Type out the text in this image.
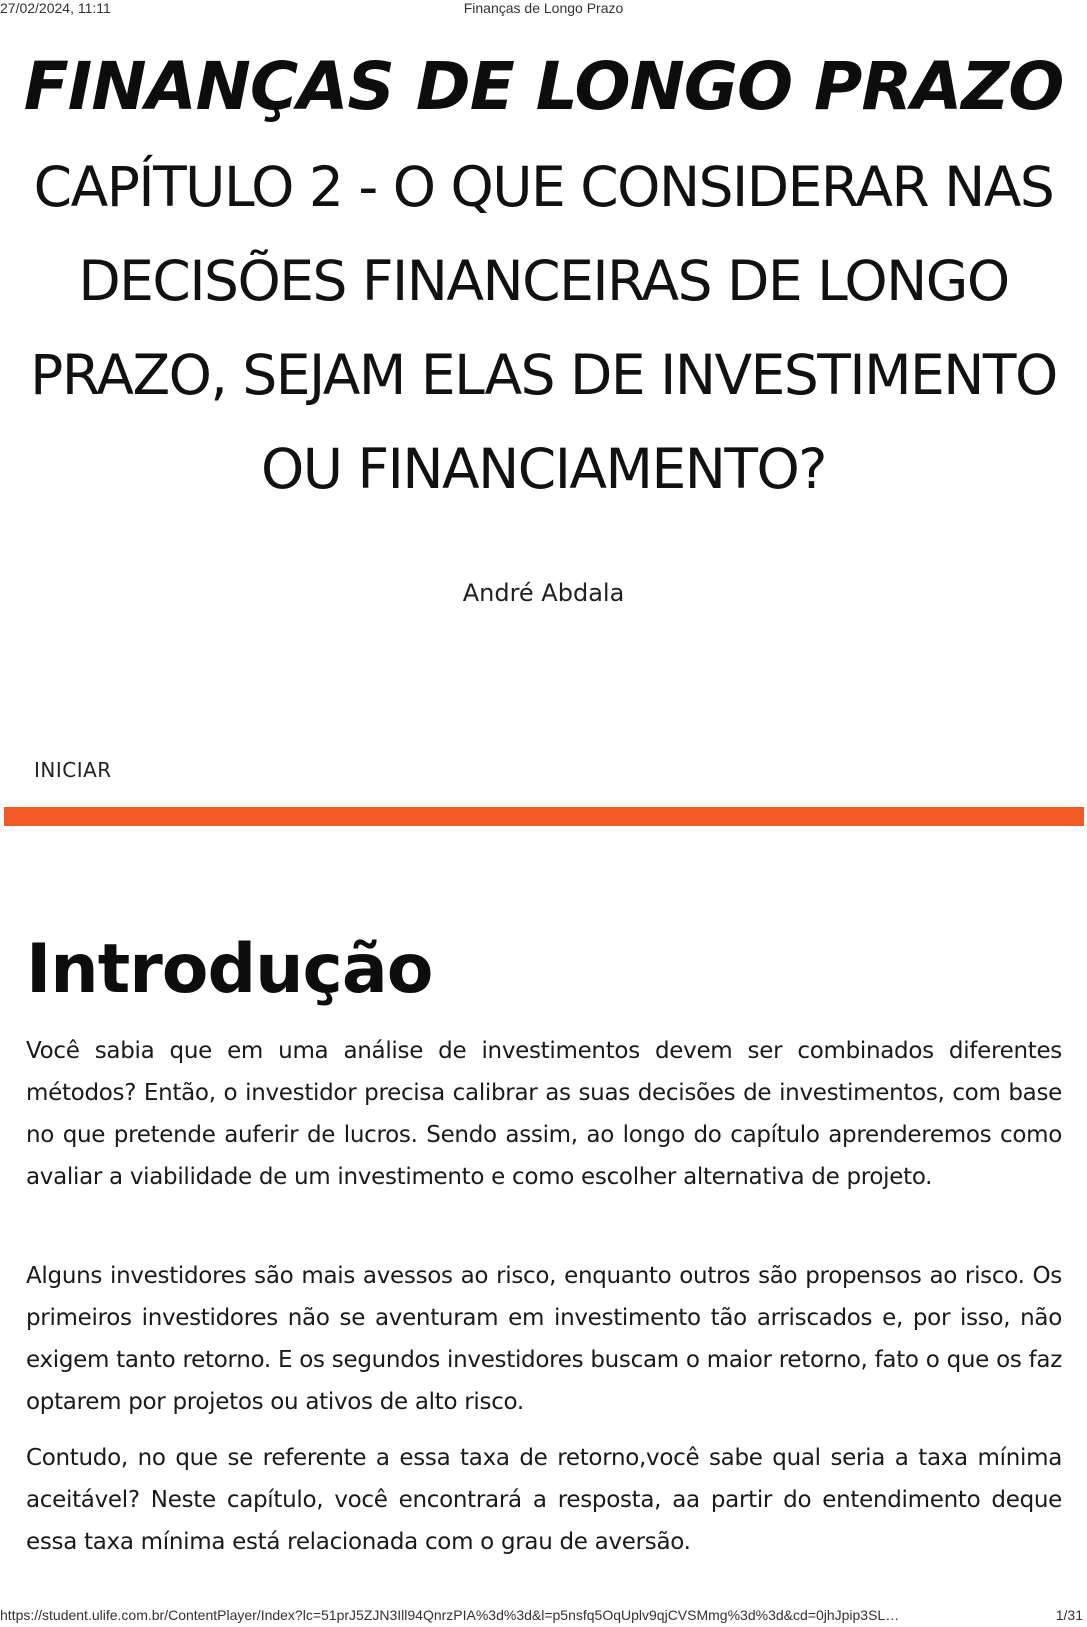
27/02/2024, 11:11	Finanças de Longo Prazo
FINANÇAS DE LONGO PRAZO
CAPÍTULO 2 - O QUE CONSIDERAR NAS
DECISÕES FINANCEIRAS DE LONGO
PRAZO, SEJAM ELAS DE INVESTIMENTO
OU FINANCIAMENTO?
André Abdala
INICIAR
Introdução

Você sabia que em uma análise de investimentos devem ser combinados diferentes métodos? Então, o investidor precisa calibrar as suas decisões de investimentos, com base no que pretende auferir de lucros. Sendo assim, ao longo do capítulo aprenderemos como avaliar a viabilidade de um investimento e como escolher alternativa de projeto.

Alguns investidores são mais avessos ao risco, enquanto outros são propensos ao risco. Os primeiros investidores não se aventuram em investimento tão arriscados e, por isso, não exigem tanto retorno. E os segundos investidores buscam o maior retorno, fato o que os faz optarem por projetos ou ativos de alto risco.

Contudo, no que se referente a essa taxa de retorno,você sabe qual seria a taxa mínima aceitável? Neste capítulo, você encontrará a resposta, aa partir do entendimento deque essa taxa mínima está relacionada com o grau de aversão.

https://student.ulife.com.br/ContentPlayer/Index?lc=51prJ5ZJN3Ill94QnrzPIA%3d%3d&l=p5nsfq5OqUplv9qjCVSMmg%3d%3d&cd=0jhJpip3SL…	1/31
